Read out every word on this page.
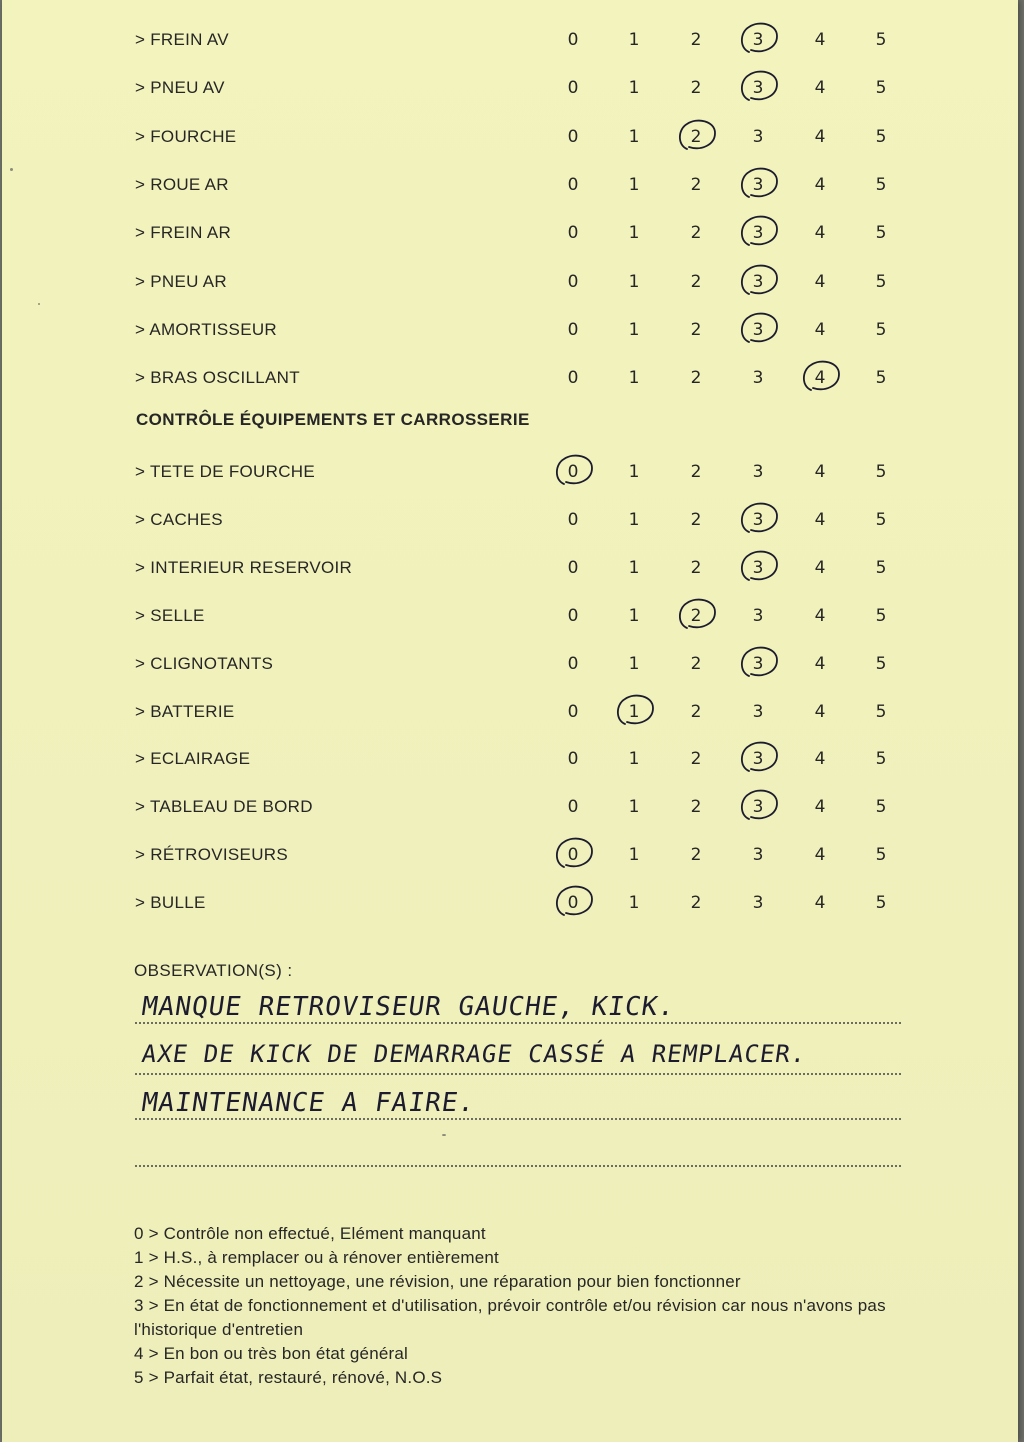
> FREIN AV	0	1	2	3	4	5
> PNEU AV	0	1	2	3	4	5
> FOURCHE	0	1	2	3	4	5
> ROUE AR	0	1	2	3	4	5
> FREIN AR	0	1	2	3	4	5
> PNEU AR	0	1	2	3	4	5
> AMORTISSEUR	0	1	2	3	4	5
> BRAS OSCILLANT	0	1	2	3	4	5
CONTRÔLE ÉQUIPEMENTS ET CARROSSERIE
> TETE DE FOURCHE	0	1	2	3	4	5
> CACHES	0	1	2	3	4	5
> INTERIEUR RESERVOIR	0	1	2	3	4	5
> SELLE	0	1	2	3	4	5
> CLIGNOTANTS	0	1	2	3	4	5
> BATTERIE	0	1	2	3	4	5
> ECLAIRAGE	0	1	2	3	4	5
> TABLEAU DE BORD	0	1	2	3	4	5
> RÉTROVISEURS	0	1	2	3	4	5
> BULLE	0	1	2	3	4	5
OBSERVATION(S) :
MANQUE RETROVISEUR GAUCHE, KICK.
AXE DE KICK DE DEMARRAGE CASSÉ A REMPLACER.
MAINTENANCE A FAIRE.
0 > Contrôle non effectué, Elément manquant
1 > H.S., à remplacer ou à rénover entièrement
2 > Nécessite un nettoyage, une révision, une réparation pour bien fonctionner
3 > En état de fonctionnement et d'utilisation, prévoir contrôle et/ou révision car nous n'avons pas l'historique d'entretien
4 > En bon ou très bon état général
5 > Parfait état, restauré, rénové, N.O.S
